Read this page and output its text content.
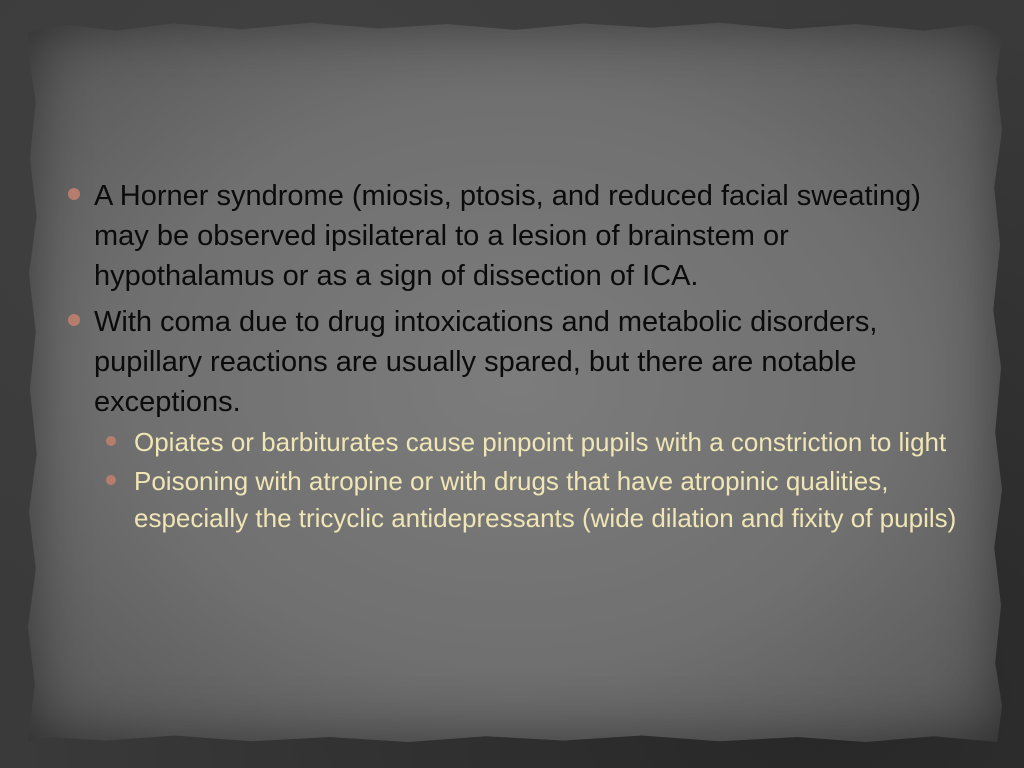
A Horner syndrome (miosis, ptosis, and reduced facial sweating) may be observed ipsilateral to a lesion of brainstem or hypothalamus or as a sign of dissection of ICA.
With coma due to drug intoxications and metabolic disorders, pupillary reactions are usually spared, but there are notable exceptions.
Opiates or barbiturates cause pinpoint pupils with a constriction to light
Poisoning with atropine or with drugs that have atropinic qualities, especially the tricyclic antidepressants (wide dilation and fixity of pupils)
